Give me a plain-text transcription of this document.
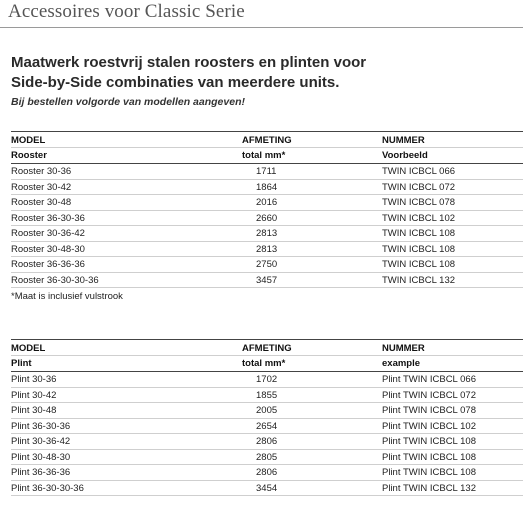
Accessoires voor Classic Serie
Maatwerk roestvrij stalen roosters en plinten voor
Side-by-Side combinaties van meerdere units.
Bij bestellen volgorde van modellen aangeven!
MODEL	AFMETING	NUMMER
Rooster	total mm*	Voorbeeld
Rooster 30-36	1711	TWIN ICBCL 066
Rooster 30-42	1864	TWIN ICBCL 072
Rooster 30-48	2016	TWIN ICBCL 078
Rooster 36-30-36	2660	TWIN ICBCL 102
Rooster 30-36-42	2813	TWIN ICBCL 108
Rooster 30-48-30	2813	TWIN ICBCL 108
Rooster 36-36-36	2750	TWIN ICBCL 108
Rooster 36-30-30-36	3457	TWIN ICBCL 132
*Maat is inclusief vulstrook
MODEL	AFMETING	NUMMER
Plint	total mm*	example
Plint 30-36	1702	Plint TWIN ICBCL 066
Plint 30-42	1855	Plint TWIN ICBCL 072
Plint 30-48	2005	Plint TWIN ICBCL 078
Plint 36-30-36	2654	Plint TWIN ICBCL 102
Plint 30-36-42	2806	Plint TWIN ICBCL 108
Plint 30-48-30	2805	Plint TWIN ICBCL 108
Plint 36-36-36	2806	Plint TWIN ICBCL 108
Plint 36-30-30-36	3454	Plint TWIN ICBCL 132
